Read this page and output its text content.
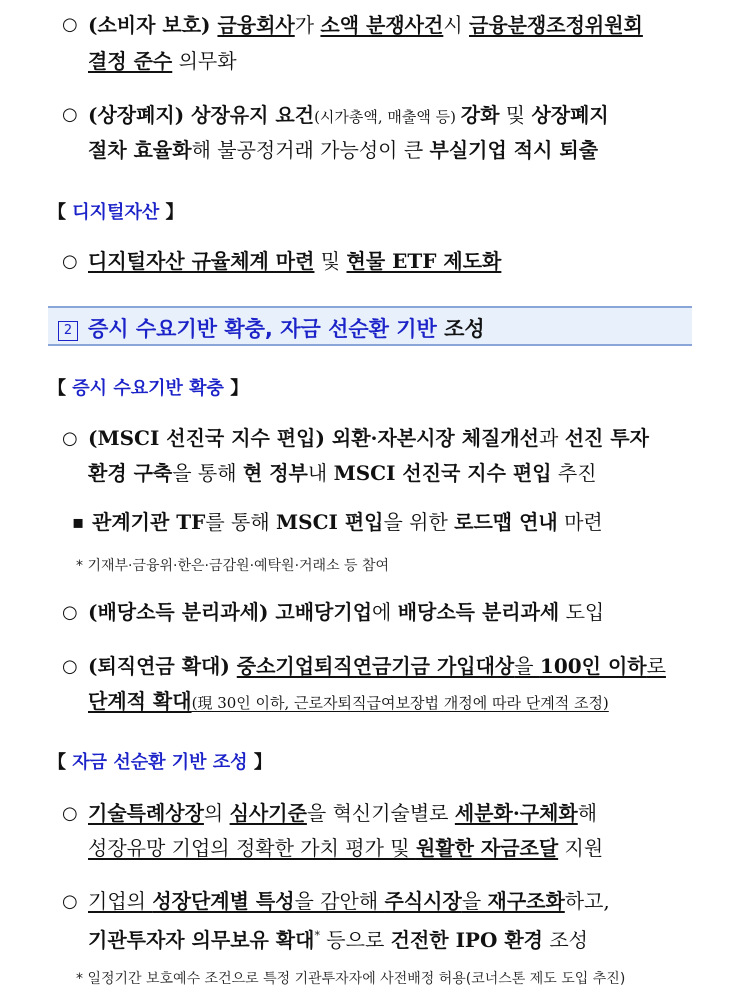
○ (소비자 보호) 금융회사가 소액 분쟁사건시 금융분쟁조정위원회
결정 준수 의무화
○ (상장폐지) 상장유지 요건(시가총액, 매출액 등) 강화 및 상장폐지
절차 효율화해 불공정거래 가능성이 큰 부실기업 적시 퇴출
【 디지털자산 】
○ 디지털자산 규율체계 마련 및 현물 ETF 제도화
2 증시 수요기반 확충, 자금 선순환 기반 조성
【 증시 수요기반 확충 】
○ (MSCI 선진국 지수 편입) 외환·자본시장 체질개선과 선진 투자
환경 구축을 통해 현 정부내 MSCI 선진국 지수 편입 추진
▪ 관계기관 TF를 통해 MSCI 편입을 위한 로드맵 연내 마련
* 기재부·금융위·한은·금감원·예탁원·거래소 등 참여
○ (배당소득 분리과세) 고배당기업에 배당소득 분리과세 도입
○ (퇴직연금 확대) 중소기업퇴직연금기금 가입대상을 100인 이하로
단계적 확대(現 30인 이하, 근로자퇴직급여보장법 개정에 따라 단계적 조정)
【 자금 선순환 기반 조성 】
○ 기술특례상장의 심사기준을 혁신기술별로 세분화·구체화해
성장유망 기업의 정확한 가치 평가 및 원활한 자금조달 지원
○ 기업의 성장단계별 특성을 감안해 주식시장을 재구조화하고,
기관투자자 의무보유 확대* 등으로 건전한 IPO 환경 조성
* 일정기간 보호예수 조건으로 특정 기관투자자에 사전배정 허용(코너스톤 제도 도입 추진)
